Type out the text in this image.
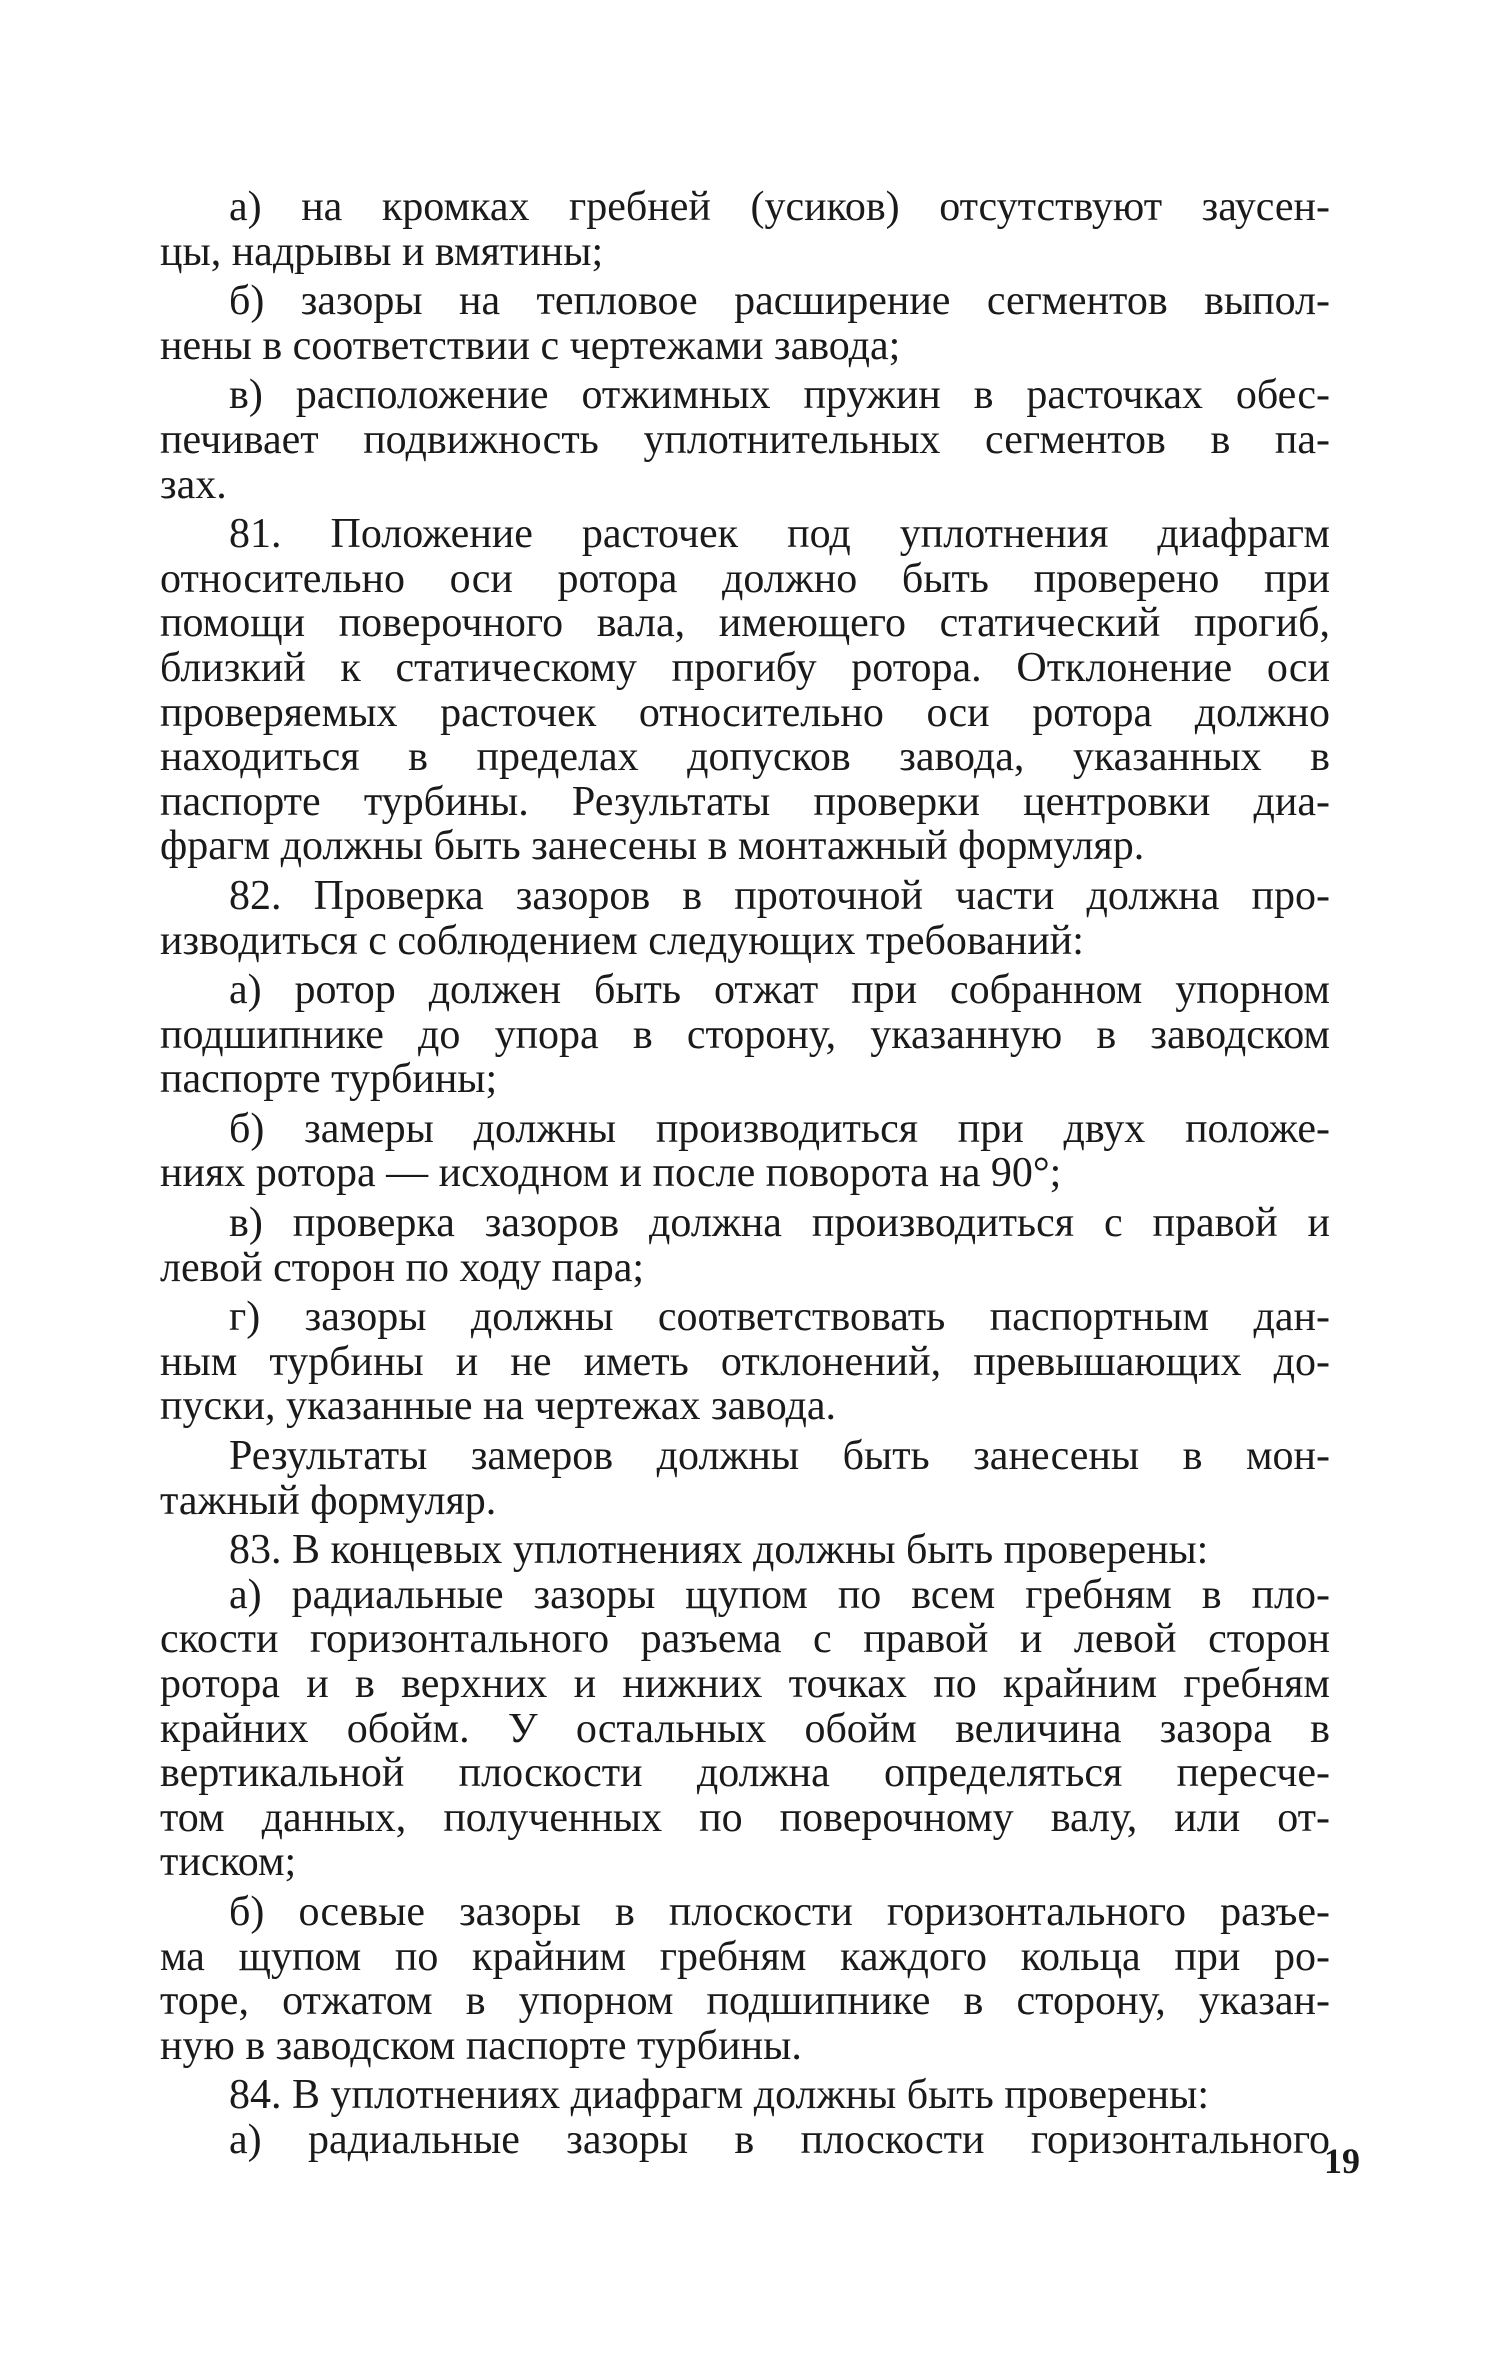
а) на кромках гребней (усиков) отсутствуют заусен-
цы, надрывы и вмятины;
б) зазоры на тепловое расширение сегментов выпол-
нены в соответствии с чертежами завода;
в) расположение отжимных пружин в расточках обес-
печивает подвижность уплотнительных сегментов в па-
зах.
81. Положение расточек под уплотнения диафрагм
относительно оси ротора должно быть проверено при
помощи поверочного вала, имеющего статический прогиб,
близкий к статическому прогибу ротора. Отклонение оси
проверяемых расточек относительно оси ротора должно
находиться в пределах допусков завода, указанных в
паспорте турбины. Результаты проверки центровки диа-
фрагм должны быть занесены в монтажный формуляр.
82. Проверка зазоров в проточной части должна про-
изводиться с соблюдением следующих требований:
а) ротор должен быть отжат при собранном упорном
подшипнике до упора в сторону, указанную в заводском
паспорте турбины;
б) замеры должны производиться при двух положе-
ниях ротора — исходном и после поворота на 90°;
в) проверка зазоров должна производиться с правой и
левой сторон по ходу пара;
г) зазоры должны соответствовать паспортным дан-
ным турбины и не иметь отклонений, превышающих до-
пуски, указанные на чертежах завода.
Результаты замеров должны быть занесены в мон-
тажный формуляр.
83. В концевых уплотнениях должны быть проверены:
а) радиальные зазоры щупом по всем гребням в пло-
скости горизонтального разъема с правой и левой сторон
ротора и в верхних и нижних точках по крайним гребням
крайних обойм. У остальных обойм величина зазора в
вертикальной плоскости должна определяться пересче-
том данных, полученных по поверочному валу, или от-
тиском;
б) осевые зазоры в плоскости горизонтального разъе-
ма щупом по крайним гребням каждого кольца при ро-
торе, отжатом в упорном подшипнике в сторону, указан-
ную в заводском паспорте турбины.
84. В уплотнениях диафрагм должны быть проверены:
а) радиальные зазоры в плоскости горизонтального
19
